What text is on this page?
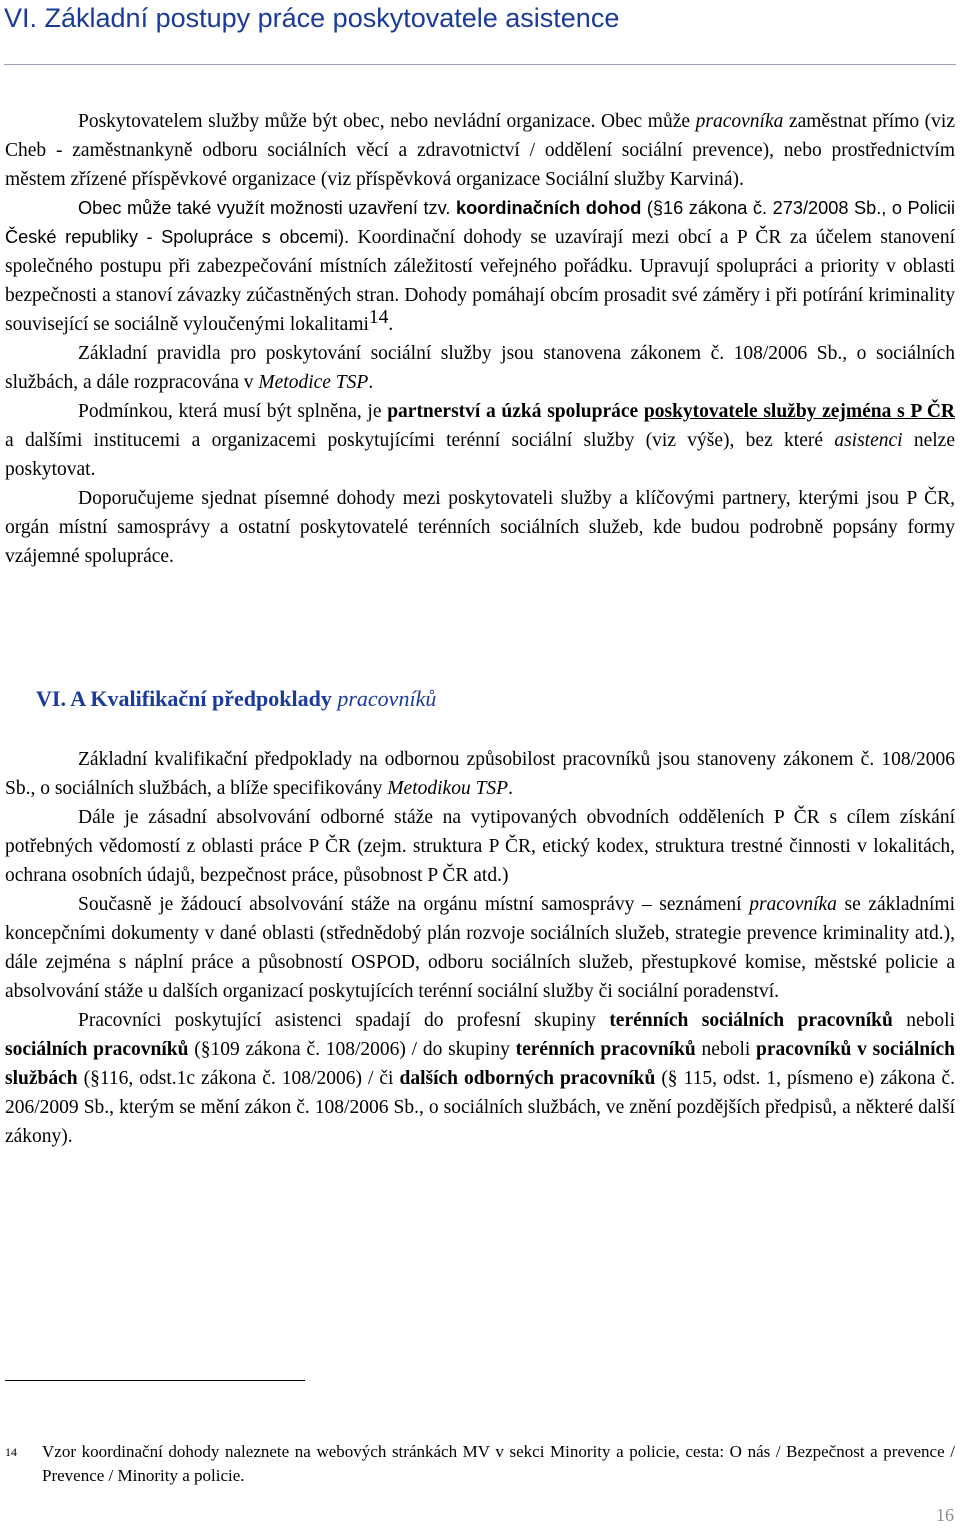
VI. Základní postupy práce poskytovatele asistence

Poskytovatelem služby může být obec, nebo nevládní organizace. Obec může pracovníka zaměstnat přímo (viz Cheb - zaměstnankyně odboru sociálních věcí a zdravotnictví / oddělení sociální prevence), nebo prostřednictvím městem zřízené příspěvkové organizace (viz příspěvková organizace Sociální služby Karviná).

Obec může také využít možnosti uzavření tzv. koordinačních dohod (§16 zákona č. 273/2008 Sb., o Policii České republiky - Spolupráce s obcemi). Koordinační dohody se uzavírají mezi obcí a P ČR za účelem stanovení společného postupu při zabezpečování místních záležitostí veřejného pořádku. Upravují spolupráci a priority v oblasti bezpečnosti a stanoví závazky zúčastněných stran. Dohody pomáhají obcím prosadit své záměry i při potírání kriminality související se sociálně vyloučenými lokalitami$^{14}$.

Základní pravidla pro poskytování sociální služby jsou stanovena zákonem č. 108/2006 Sb., o sociálních službách, a dále rozpracována v Metodice TSP.

Podmínkou, která musí být splněna, je partnerství a úzká spolupráce poskytovatele služby zejména s P ČR a dalšími institucemi a organizacemi poskytujícími terénní sociální služby (viz výše), bez které asistenci nelze poskytovat.

Doporučujeme sjednat písemné dohody mezi poskytovateli služby a klíčovými partnery, kterými jsou P ČR, orgán místní samosprávy a ostatní poskytovatelé terénních sociálních služeb, kde budou podrobně popsány formy vzájemné spolupráce.

VI. A Kvalifikační předpoklady pracovníků

Základní kvalifikační předpoklady na odbornou způsobilost pracovníků jsou stanoveny zákonem č. 108/2006 Sb., o sociálních službách, a blíže specifikovány Metodikou TSP.

Dále je zásadní absolvování odborné stáže na vytipovaných obvodních odděleních P ČR s cílem získání potřebných vědomostí z oblasti práce P ČR (zejm. struktura P ČR, etický kodex, struktura trestné činnosti v lokalitách, ochrana osobních údajů, bezpečnost práce, působnost P ČR atd.)

Současně je žádoucí absolvování stáže na orgánu místní samosprávy – seznámení pracovníka se základními koncepčními dokumenty v dané oblasti (střednědobý plán rozvoje sociálních služeb, strategie prevence kriminality atd.), dále zejména s náplní práce a působností OSPOD, odboru sociálních služeb, přestupkové komise, městské policie a absolvování stáže u dalších organizací poskytujících terénní sociální služby či sociální poradenství.

Pracovníci poskytující asistenci spadají do profesní skupiny terénních sociálních pracovníků neboli sociálních pracovníků (§109 zákona č. 108/2006) / do skupiny terénních pracovníků neboli pracovníků v sociálních službách (§116, odst.1c zákona č. 108/2006) / či dalších odborných pracovníků (§ 115, odst. 1, písmeno e) zákona č. 206/2009 Sb., kterým se mění zákon č. 108/2006 Sb., o sociálních službách, ve znění pozdějších předpisů, a některé další zákony).

14 Vzor koordinační dohody naleznete na webových stránkách MV v sekci Minority a policie, cesta: O nás / Bezpečnost a prevence / Prevence / Minority a policie.
16
